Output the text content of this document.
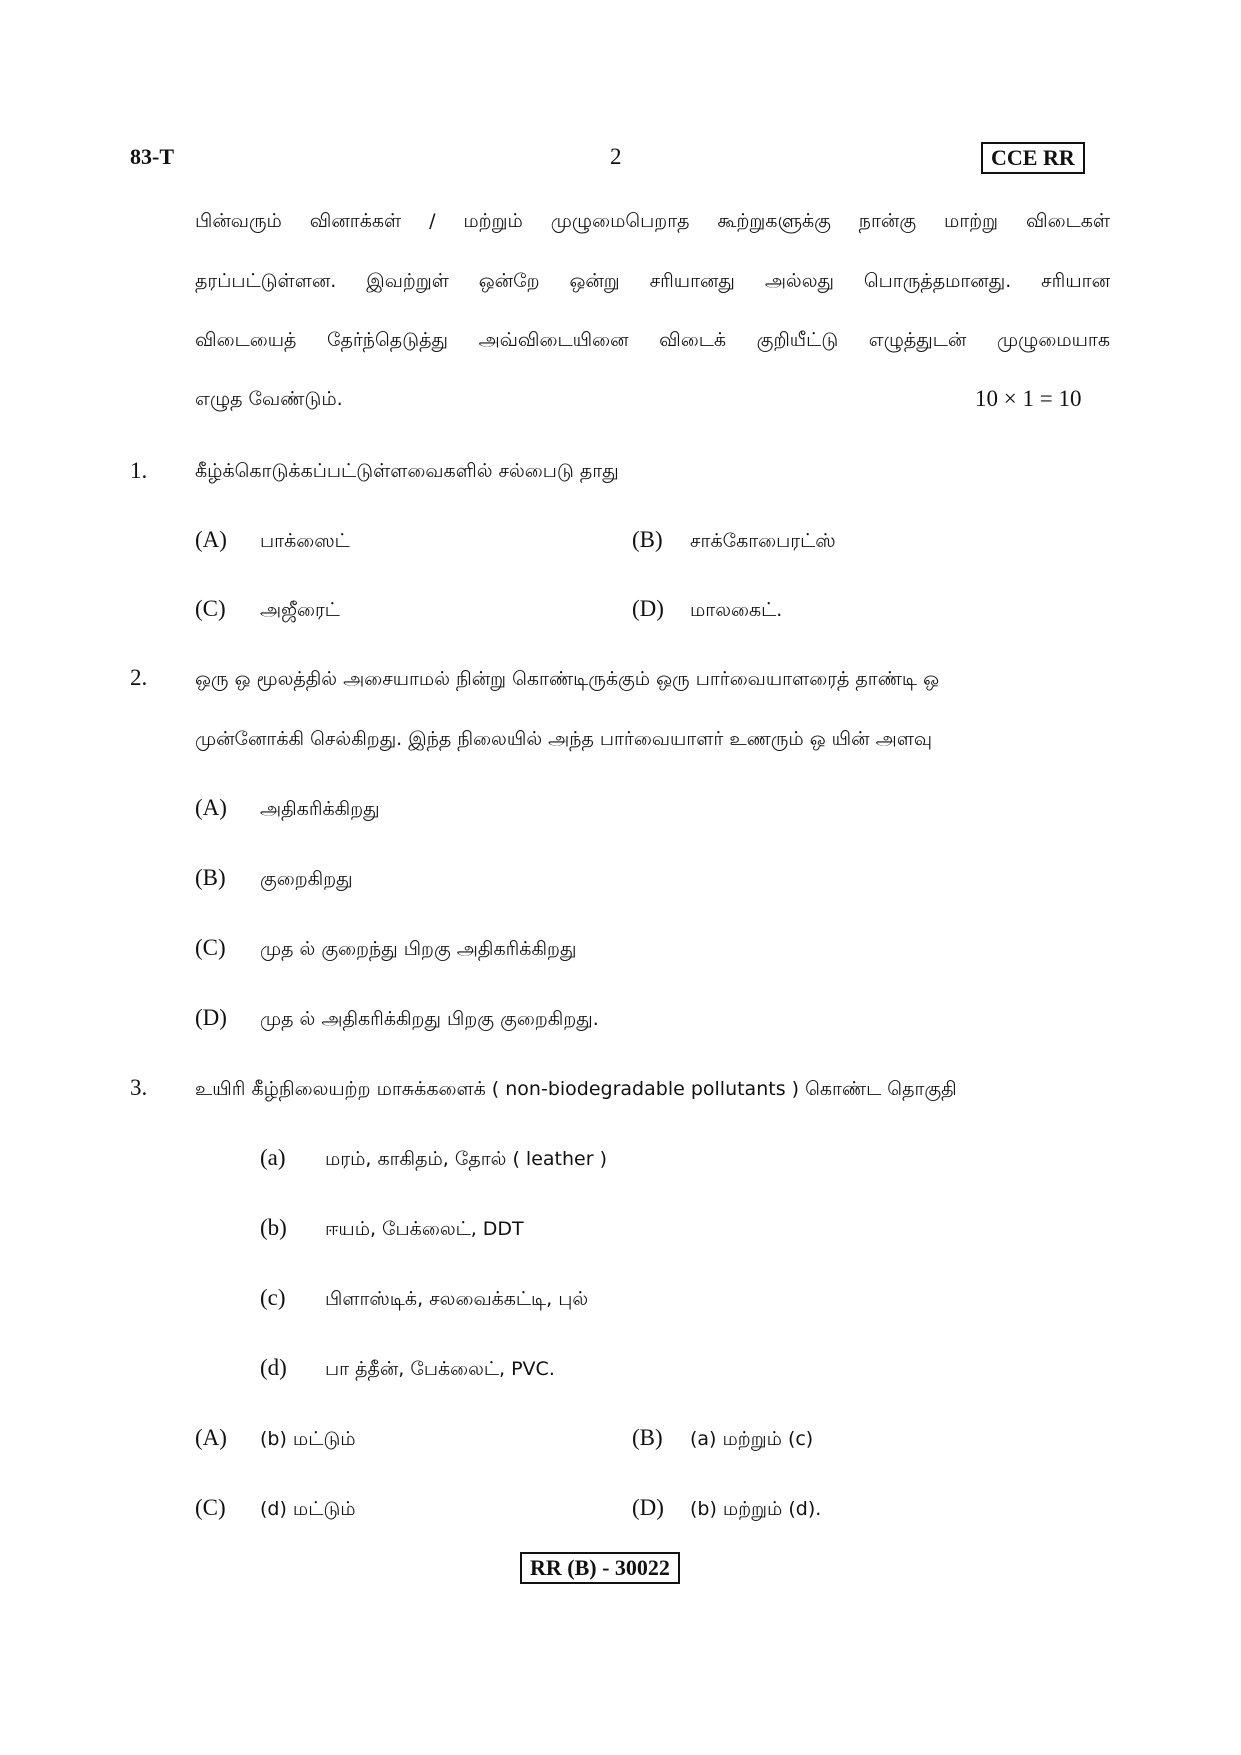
83-T	2	CCE RR
பின்வரும் வினாக்கள் / மற்றும் முழுமைபெறாத கூற்றுகளுக்கு நான்கு மாற்று விடைகள்
தரப்பட்டுள்ளன. இவற்றுள் ஒன்றே ஒன்று சரியானது அல்லது பொருத்தமானது. சரியான
விடையைத் தேர்ந்தெடுத்து அவ்விடையினை விடைக் குறியீட்டு எழுத்துடன் முழுமையாக
எழுத வேண்டும்.	10 × 1 = 10
1.	கீழ்க்கொடுக்கப்பட்டுள்ளவைகளில் சல்பைடு தாது
(A) பாக்ஸைட்	(B) சாக்கோபைரட்ஸ்
(C) அஜீரைட்	(D) மாலகைட்.
2.	ஒரு ஒ மூலத்தில் அசையாமல் நின்று கொண்டிருக்கும் ஒரு பார்வையாளரைத் தாண்டி ஒ
முன்னோக்கி செல்கிறது. இந்த நிலையில் அந்த பார்வையாளர் உணரும் ஒ யின் அளவு
(A) அதிகரிக்கிறது
(B) குறைகிறது
(C) முத ல் குறைந்து பிறகு அதிகரிக்கிறது
(D) முத ல் அதிகரிக்கிறது பிறகு குறைகிறது.
3.	உயிரி கீழ்நிலையற்ற மாசுக்களைக் ( non-biodegradable pollutants ) கொண்ட தொகுதி
(a) மரம், காகிதம், தோல் ( leather )
(b) ஈயம், பேக்லைட், DDT
(c) பிளாஸ்டிக், சலவைக்கட்டி, புல்
(d) பா த்தீன், பேக்லைட், PVC.
(A) (b) மட்டும்	(B) (a) மற்றும் (c)
(C) (d) மட்டும்	(D) (b) மற்றும் (d).
RR (B) - 30022
